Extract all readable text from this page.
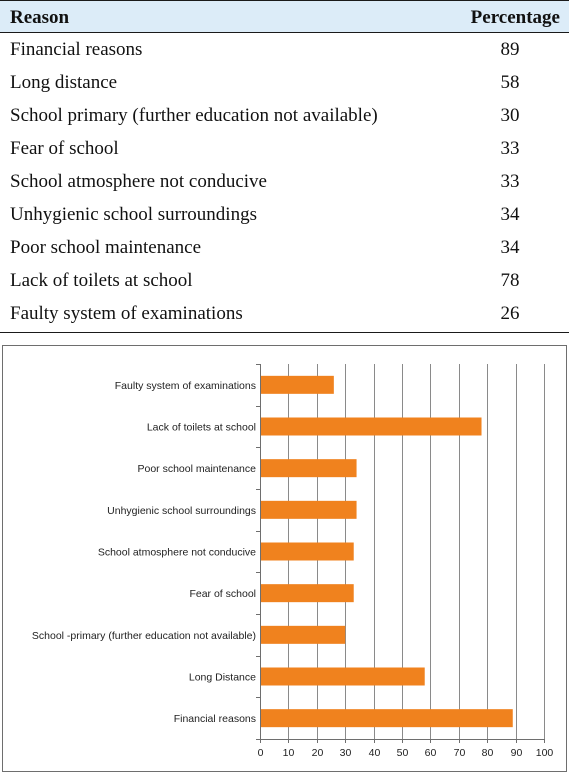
Reason	Percentage
Financial reasons	89
Long distance	58
School primary (further education not available)	30
Fear of school	33
School atmosphere not conducive	33
Unhygienic school surroundings	34
Poor school maintenance	34
Lack of toilets at school	78
Faulty system of examinations	26
Financial reasons
Long Distance
School -primary (further education not available)
Fear of school
School atmosphere not conducive
Unhygienic school surroundings
Poor school maintenance
Lack of toilets at school
Faulty system of examinations
0 10 20 30 40 50 60 70 80 90 100
